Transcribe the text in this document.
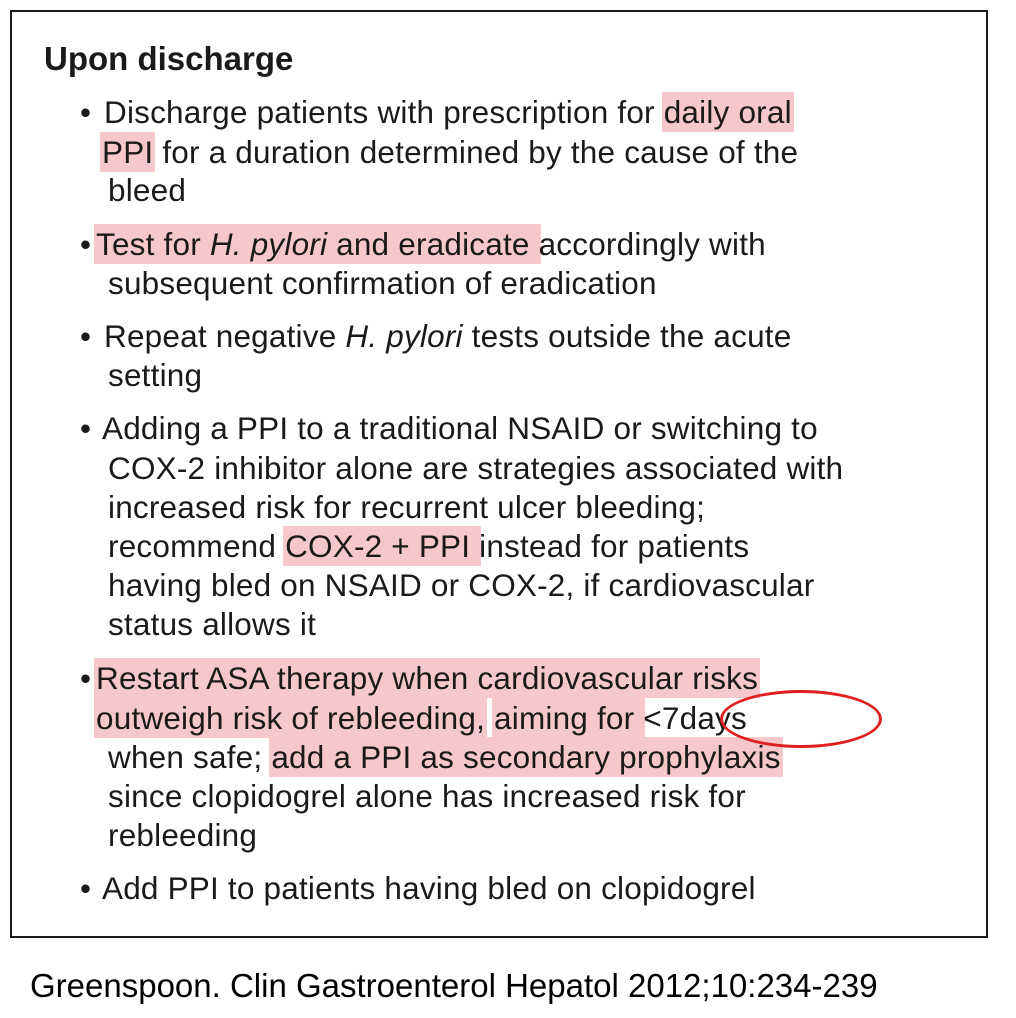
Upon discharge
• Discharge patients with prescription for daily oral
PPI for a duration determined by the cause of the
bleed
• Test for H. pylori and eradicate accordingly with
subsequent confirmation of eradication
• Repeat negative H. pylori tests outside the acute
setting
• Adding a PPI to a traditional NSAID or switching to
COX-2 inhibitor alone are strategies associated with
increased risk for recurrent ulcer bleeding;
recommend COX-2 + PPI instead for patients
having bled on NSAID or COX-2, if cardiovascular
status allows it
• Restart ASA therapy when cardiovascular risks
outweigh risk of rebleeding, aiming for <7days
when safe; add a PPI as secondary prophylaxis
since clopidogrel alone has increased risk for
rebleeding
• Add PPI to patients having bled on clopidogrel
Greenspoon. Clin Gastroenterol Hepatol 2012;10:234-239
